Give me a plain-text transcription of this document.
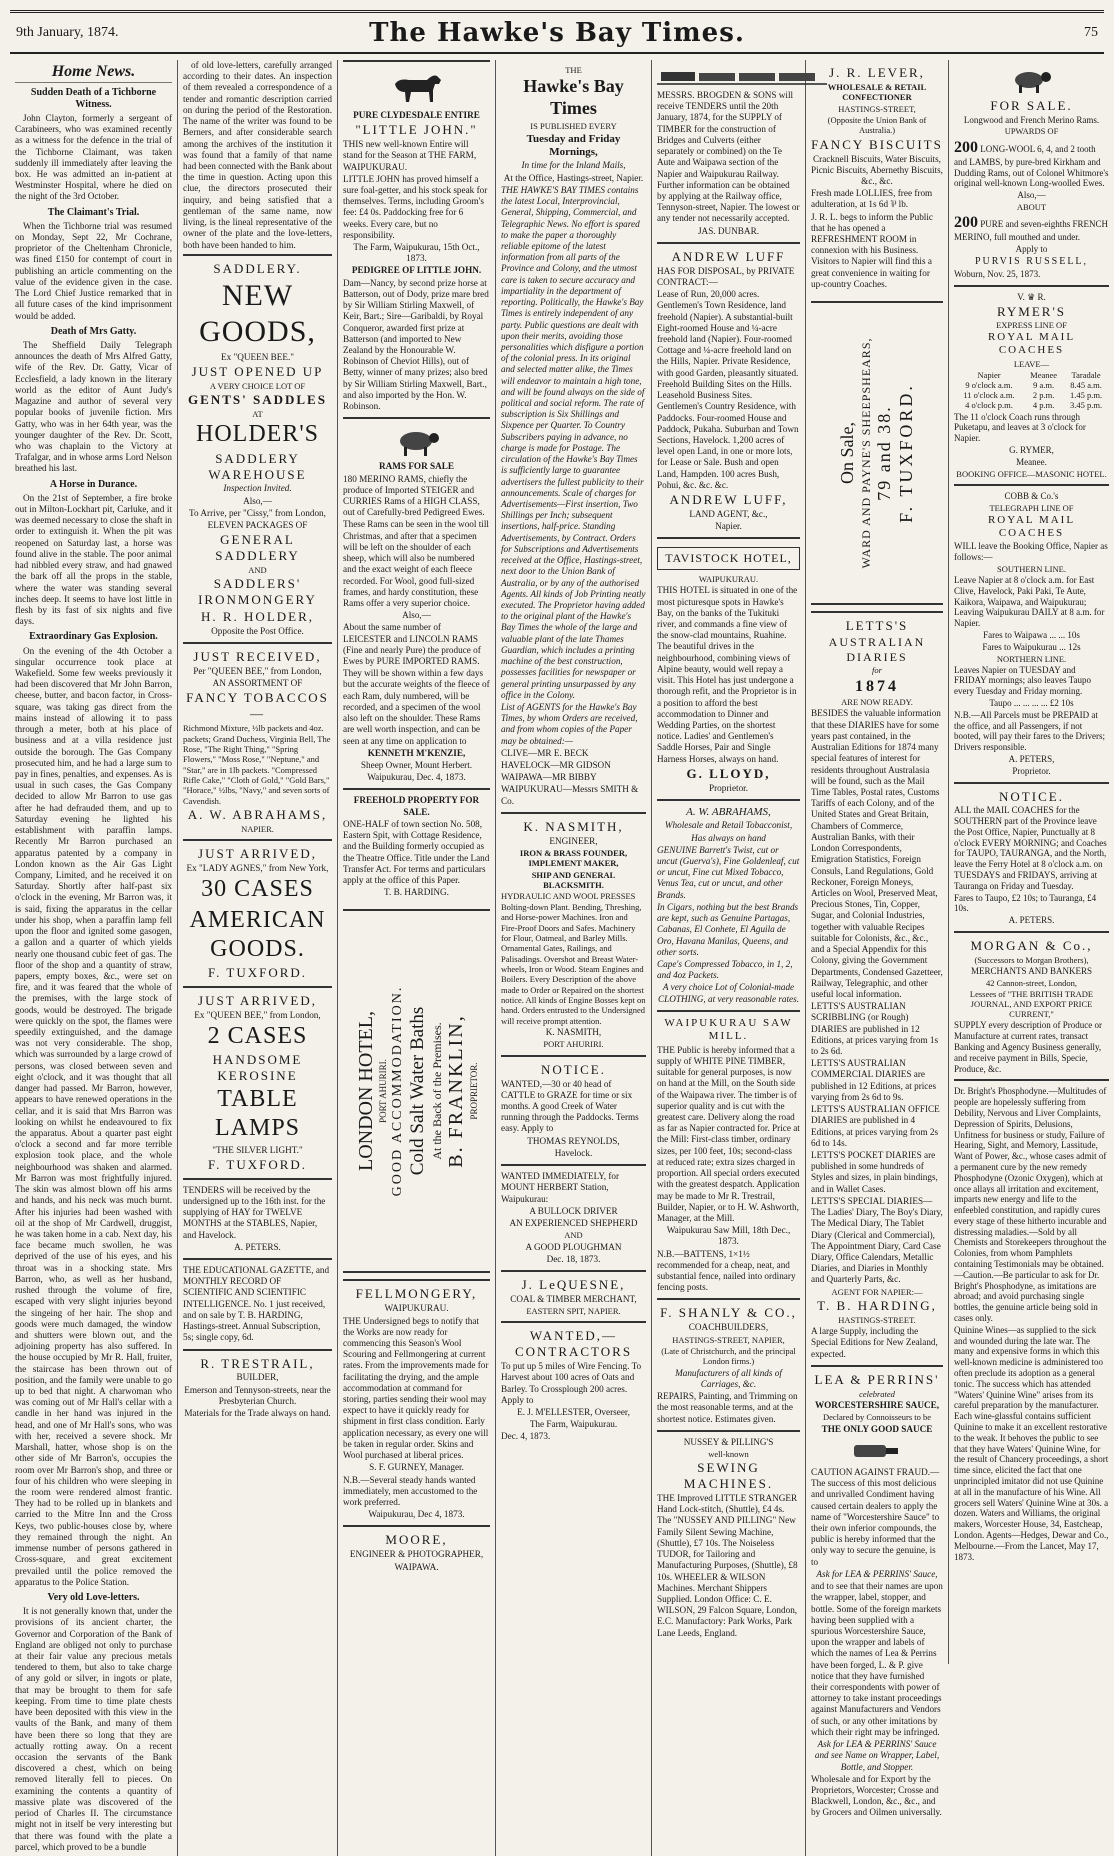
9th January, 1874.	The Hawke's Bay Times.	75
Home News.
Sudden Death of a Tichborne Witness.

John Clayton, formerly a sergeant of Carabineers, who was examined recently as a witness for the defence in the trial of the Tichborne Claimant, was taken suddenly ill immediately after leaving the box. He was admitted an in-patient at Westminster Hospital, where he died on the night of the 3rd October.

The Claimant's Trial.

When the Tichborne trial was resumed on Monday, Sept 22, Mr Cochrane, proprietor of the Cheltenham Chronicle, was fined £150 for contempt of court in publishing an article commenting on the value of the evidence given in the case. The Lord Chief Justice remarked that in all future cases of the kind imprisonment would be added.

Death of Mrs Gatty.

The Sheffield Daily Telegraph announces the death of Mrs Alfred Gatty, wife of the Rev. Dr. Gatty, Vicar of Ecclesfield, a lady known in the literary world as the editor of Aunt Judy's Magazine and author of several very popular books of juvenile fiction. Mrs Gatty, who was in her 64th year, was the younger daughter of the Rev. Dr. Scott, who was chaplain to the Victory at Trafalgar, and in whose arms Lord Nelson breathed his last.

A Horse in Durance.

On the 21st of September, a fire broke out in Milton-Lockhart pit, Carluke, and it was deemed necessary to close the shaft in order to extinguish it. When the pit was reopened on Saturday last, a horse was found alive in the stable. The poor animal had nibbled every straw, and had gnawed the bark off all the props in the stable, where the water was standing several inches deep. It seems to have lost little in flesh by its fast of six nights and five days.

Extraordinary Gas Explosion.

On the evening of the 4th October a singular occurrence took place at Wakefield. Some few weeks previously it had been discovered that Mr John Barron, cheese, butter, and bacon factor, in Cross-square, was taking gas direct from the mains instead of allowing it to pass through a meter, both at his place of business and at a villa residence just outside the borough. The Gas Company prosecuted him, and he had a large sum to pay in fines, penalties, and expenses. As is usual in such cases, the Gas Company decided to allow Mr Barron to use gas after he had defrauded them, and up to Saturday evening he lighted his establishment with paraffin lamps. Recently Mr Barron purchased an apparatus patented by a company in London known as the Air Gas Light Company, Limited, and he received it on Saturday. Shortly after half-past six o'clock in the evening, Mr Barron was, it is said, fixing the apparatus in the cellar under his shop, when a paraffin lamp fell upon the floor and ignited some gasogen, a gallon and a quarter of which yields nearly one thousand cubic feet of gas. The floor of the shop and a quantity of straw, papers, empty boxes, &c., were set on fire, and it was feared that the whole of the premises, with the large stock of goods, would be destroyed. The brigade were quickly on the spot, the flames were speedily extinguished, and the damage was not very considerable. The shop, which was surrounded by a large crowd of persons, was closed between seven and eight o'clock, and it was thought that all danger had passed. Mr Barron, however, appears to have renewed operations in the cellar, and it is said that Mrs Barron was looking on whilst he endeavoured to fix the apparatus. About a quarter past eight o'clock a second and far more terrible explosion took place, and the whole neighbourhood was shaken and alarmed. Mr Barron was most frightfully injured. The skin was almost blown off his arms and hands, and his neck was much burnt. After his injuries had been washed with oil at the shop of Mr Cardwell, druggist, he was taken home in a cab. Next day, his face became much swollen, he was deprived of the use of his eyes, and his throat was in a shocking state. Mrs Barron, who, as well as her husband, rushed through the volume of fire, escaped with very slight injuries beyond the singeing of her hair. The shop and goods were much damaged, the window and shutters were blown out, and the adjoining property has also suffered. In the house occupied by Mr R. Hall, fruiter, the staircase has been thrown out of position, and the family were unable to go up to bed that night. A charwoman who was coming out of Mr Hall's cellar with a candle in her hand was injured in the head, and one of Mr Hall's sons, who was with her, received a severe shock. Mr Marshall, hatter, whose shop is on the other side of Mr Barron's, occupies the room over Mr Barron's shop, and three or four of his children who were sleeping in the room were rendered almost frantic. They had to be rolled up in blankets and carried to the Mitre Inn and the Cross Keys, two public-houses close by, where they remained through the night. An immense number of persons gathered in Cross-square, and great excitement prevailed until the police removed the apparatus to the Police Station.

Very old Love-letters.

It is not generally known that, under the provisions of its ancient charter, the Governor and Corporation of the Bank of England are obliged not only to purchase at their fair value any precious metals tendered to them, but also to take charge of any gold or silver, in ingots or plate, that may be brought to them for safe keeping. From time to time plate chests have been deposited with this view in the vaults of the Bank, and many of them have been there so long that they are actually rotting away. On a recent occasion the servants of the Bank discovered a chest, which on being removed literally fell to pieces. On examining the contents a quantity of massive plate was discovered of the period of Charles II. The circumstance might not in itself be very interesting but that there was found with the plate a parcel, which proved to be a bundle

of old love-letters, carefully arranged according to their dates. An inspection of them revealed a correspondence of a tender and romantic description carried on during the period of the Restoration. The name of the writer was found to be Berners, and after considerable search among the archives of the institution it was found that a family of that name had been connected with the Bank about the time in question. Acting upon this clue, the directors prosecuted their inquiry, and being satisfied that a gentleman of the same name, now living, is the lineal representative of the owner of the plate and the love-letters, both have been handed to him.

SADDLERY.

NEW GOODS,

Ex "QUEEN BEE."

JUST OPENED UP

A VERY CHOICE LOT OF

GENTS' SADDLES

AT

HOLDER'S

SADDLERY WAREHOUSE

Inspection Invited.

Also,—

To Arrive, per "Cissy," from London,

ELEVEN PACKAGES OF

GENERAL SADDLERY

AND

SADDLERS' IRONMONGERY

H. R. HOLDER,

Opposite the Post Office.

JUST RECEIVED,

Per "QUEEN BEE," from London,

AN ASSORTMENT OF

FANCY TOBACCOS—

Richmond Mixture, ½lb packets and 4oz. packets; Grand Duchess, Virginia Bell, The Rose, "The Right Thing," "Spring Flowers," "Moss Rose," "Neptune," and "Star," are in 1lb packets. "Compressed Rifle Cake," "Cloth of Gold," "Gold Bars," "Horace," ½lbs, "Navy," and seven sorts of Cavendish.

A. W. ABRAHAMS,

NAPIER.

JUST ARRIVED,

Ex "LADY AGNES," from New York,

30 CASES

AMERICAN GOODS.

F. TUXFORD.

JUST ARRIVED,

Ex "QUEEN BEE," from London,

2 CASES

HANDSOME KEROSINE

TABLE LAMPS

"THE SILVER LIGHT."

F. TUXFORD.

TENDERS will be received by the undersigned up to the 16th inst. for the supplying of HAY for TWELVE MONTHS at the STABLES, Napier, and Havelock.

A. PETERS.

THE EDUCATIONAL GAZETTE, and MONTHLY RECORD OF SCIENTIFIC AND SCIENTIFIC INTELLIGENCE. No. 1 just received, and on sale by T. B. HARDING, Hastings-street. Annual Subscription, 5s; single copy, 6d.

R. TRESTRAIL,

BUILDER,

Emerson and Tennyson-streets, near the Presbyterian Church.

Materials for the Trade always on hand.

PURE CLYDESDALE ENTIRE

"LITTLE JOHN."

THIS new well-known Entire will stand for the Season at THE FARM, WAIPUKURAU.

LITTLE JOHN has proved himself a sure foal-getter, and his stock speak for themselves. Terms, including Groom's fee: £4 0s. Paddocking free for 6 weeks. Every care, but no responsibility.

The Farm, Waipukurau, 15th Oct., 1873.

PEDIGREE OF LITTLE JOHN.

Dam—Nancy, by second prize horse at Batterson, out of Dody, prize mare bred by Sir William Stirling Maxwell, of Keir, Bart.; Sire—Garibaldi, by Royal Conqueror, awarded first prize at Batterson (and imported to New Zealand by the Honourable W. Robinson of Cheviot Hills), out of Betty, winner of many prizes; also bred by Sir William Stirling Maxwell, Bart., and also imported by the Hon. W. Robinson.

RAMS FOR SALE

180 MERINO RAMS, chiefly the produce of Imported STEIGER and CURRIES Rams of a HIGH CLASS, out of Carefully-bred Pedigreed Ewes.

These Rams can be seen in the wool till Christmas, and after that a specimen will be left on the shoulder of each sheep, which will also be numbered and the exact weight of each fleece recorded. For Wool, good full-sized frames, and hardy constitution, these Rams offer a very superior choice.

Also,—

About the same number of LEICESTER and LINCOLN RAMS (Fine and nearly Pure) the produce of Ewes by PURE IMPORTED RAMS.

They will be shown within a few days but the accurate weights of the fleece of each Ram, duly numbered, will be recorded, and a specimen of the wool also left on the shoulder. These Rams are well worth inspection, and can be seen at any time on application to

KENNETH M'KENZIE,

Sheep Owner, Mount Herbert.

Waipukurau, Dec. 4, 1873.

FREEHOLD PROPERTY FOR SALE.

ONE-HALF of town section No. 508, Eastern Spit, with Cottage Residence, and the Building formerly occupied as the Theatre Office. Title under the Land Transfer Act. For terms and particulars apply at the office of this Paper.

T. B. HARDING.

LONDON HOTEL, PORT AHURIRI. GOOD ACCOMMODATION. Cold Salt Water Baths At the Back of the Premises. B. FRANKLIN, PROPRIETOR.

FELLMONGERY,

WAIPUKURAU.

THE Undersigned begs to notify that the Works are now ready for commencing this Season's Wool Scouring and Fellmongering at current rates. From the improvements made for facilitating the drying, and the ample accommodation at command for storing, parties sending their wool may expect to have it quickly ready for shipment in first class condition. Early application necessary, as every one will be taken in regular order. Skins and Wool purchased at liberal prices.

S. F. GURNEY, Manager.

N.B.—Several steady hands wanted immediately, men accustomed to the work preferred.

Waipukurau, Dec 4, 1873.

MOORE,

ENGINEER & PHOTOGRAPHER,

WAIPAWA.

THE

Hawke's Bay Times

IS PUBLISHED EVERY

Tuesday and Friday Mornings,

In time for the Inland Mails,

At the Office, Hastings-street, Napier.

THE HAWKE'S BAY TIMES contains the latest Local, Interprovincial, General, Shipping, Commercial, and Telegraphic News. No effort is spared to make the paper a thoroughly reliable epitome of the latest information from all parts of the Province and Colony, and the utmost care is taken to secure accuracy and impartiality in the department of reporting. Politically, the Hawke's Bay Times is entirely independent of any party. Public questions are dealt with upon their merits, avoiding those personalities which disfigure a portion of the colonial press. In its original and selected matter alike, the Times will endeavor to maintain a high tone, and will be found always on the side of political and social reform. The rate of subscription is Six Shillings and Sixpence per Quarter. To Country Subscribers paying in advance, no charge is made for Postage. The circulation of the Hawke's Bay Times is sufficiently large to guarantee advertisers the fullest publicity to their announcements. Scale of charges for Advertisements—First insertion, Two Shillings per Inch; subsequent insertions, half-price. Standing Advertisements, by Contract. Orders for Subscriptions and Advertisements received at the Office, Hastings-street, next door to the Union Bank of Australia, or by any of the authorised Agents. All kinds of Job Printing neatly executed. The Proprietor having added to the original plant of the Hawke's Bay Times the whole of the large and valuable plant of the late Thames Guardian, which includes a printing machine of the best construction, possesses facilities for newspaper or general printing unsurpassed by any office in the Colony.

List of AGENTS for the Hawke's Bay Times, by whom Orders are received, and from whom copies of the Paper may be obtained:—

CLIVE—MR E. BECK

HAVELOCK—MR GIDSON

WAIPAWA—MR BIBBY

WAIPUKURAU—Messrs SMITH & Co.

K. NASMITH,

ENGINEER,

IRON & BRASS FOUNDER, IMPLEMENT MAKER,

SHIP AND GENERAL BLACKSMITH.

HYDRAULIC AND WOOL PRESSES Bolting-down Plant. Bending, Threshing, and Horse-power Machines. Iron and Fire-Proof Doors and Safes. Machinery for Flour, Oatmeal, and Barley Mills. Ornamental Gates, Railings, and Palisadings. Overshot and Breast Water-wheels, Iron or Wood. Steam Engines and Boilers. Every Description of the above made to Order or Repaired on the shortest notice. All kinds of Engine Bosses kept on hand. Orders entrusted to the Undersigned will receive prompt attention.

K. NASMITH,

PORT AHURIRI.

NOTICE.

WANTED,—30 or 40 head of CATTLE to GRAZE for time or six months. A good Creek of Water running through the Paddocks. Terms easy. Apply to

THOMAS REYNOLDS,

Havelock.

WANTED IMMEDIATELY, for MOUNT HERBERT Station, Waipukurau:

A BULLOCK DRIVER

AN EXPERIENCED SHEPHERD

AND

A GOOD PLOUGHMAN

Dec. 18, 1873.

J. LeQUESNE,

COAL & TIMBER MERCHANT,

EASTERN SPIT, NAPIER.

WANTED,—CONTRACTORS

To put up 5 miles of Wire Fencing. To Harvest about 100 acres of Oats and Barley. To Crossplough 200 acres. Apply to

E. J. M'ELLESTER, Overseer,

The Farm, Waipukurau.

Dec. 4, 1873.

MESSRS. BROGDEN & SONS will receive TENDERS until the 20th January, 1874, for the SUPPLY of TIMBER for the construction of Bridges and Culverts (either separately or combined) on the Te Aute and Waipawa section of the Napier and Waipukurau Railway. Further information can be obtained by applying at the Railway office, Tennyson-street, Napier. The lowest or any tender not necessarily accepted.

JAS. DUNBAR.

ANDREW LUFF

HAS FOR DISPOSAL, by PRIVATE CONTRACT:—

Lease of Run, 20,000 acres. Gentlemen's Town Residence, land freehold (Napier). A substantial-built Eight-roomed House and ¼-acre freehold land (Napier). Four-roomed Cottage and ¼-acre freehold land on the Hills, Napier. Private Residence, with good Garden, pleasantly situated. Freehold Building Sites on the Hills. Leasehold Business Sites. Gentlemen's Country Residence, with Paddocks. Four-roomed House and Paddock, Pukaha. Suburban and Town Sections, Havelock. 1,200 acres of level open Land, in one or more lots, for Lease or Sale. Bush and open Land, Hampden. 100 acres Bush, Pohui, &c. &c. &c.

ANDREW LUFF,

LAND AGENT, &c.,

Napier.

TAVISTOCK HOTEL,

WAIPUKURAU.

THIS HOTEL is situated in one of the most picturesque spots in Hawke's Bay, on the banks of the Tukituki river, and commands a fine view of the snow-clad mountains, Ruahine. The beautiful drives in the neighbourhood, combining views of Alpine beauty, would well repay a visit. This Hotel has just undergone a thorough refit, and the Proprietor is in a position to afford the best accommodation to Dinner and Wedding Parties, on the shortest notice. Ladies' and Gentlemen's Saddle Horses, Pair and Single Harness Horses, always on hand.

G. LLOYD,

Proprietor.

A. W. ABRAHAMS,

Wholesale and Retail Tobacconist,

Has always on hand

GENUINE Barrett's Twist, cut or uncut (Guerva's), Fine Goldenleaf, cut or uncut, Fine cut Mixed Tobacco, Venus Tea, cut or uncut, and other Brands.

In Cigars, nothing but the best Brands are kept, such as Genuine Partagas, Cabanas, El Conhete, El Aguila de Oro, Havana Manilas, Queens, and other sorts.

Cape's Compressed Tobacco, in 1, 2, and 4oz Packets.

A very choice Lot of Colonial-made CLOTHING, at very reasonable rates.

WAIPUKURAU SAW MILL.

THE Public is hereby informed that a supply of WHITE PINE TIMBER, suitable for general purposes, is now on hand at the Mill, on the South side of the Waipawa river. The timber is of superior quality and is cut with the greatest care. Delivery along the road as far as Napier contracted for. Price at the Mill: First-class timber, ordinary sizes, per 100 feet, 10s; second-class at reduced rate; extra sizes charged in proportion. All special orders executed with the greatest despatch. Application may be made to Mr R. Trestrail, Builder, Napier, or to H. W. Ashworth, Manager, at the Mill.

Waipukurau Saw Mill, 18th Dec., 1873.

N.B.—BATTENS, 1×1½ recommended for a cheap, neat, and substantial fence, nailed into ordinary fencing posts.

F. SHANLY & CO.,

COACHBUILDERS,

HASTINGS-STREET, NAPIER,

(Late of Christchurch, and the principal London firms.)

Manufacturers of all kinds of Carriages, &c.

REPAIRS, Painting, and Trimming on the most reasonable terms, and at the shortest notice. Estimates given.

NUSSEY & PILLING'S

well-known

SEWING MACHINES.

THE Improved LITTLE STRANGER Hand Lock-stitch, (Shuttle), £4 4s. The "NUSSEY AND PILLING" New Family Silent Sewing Machine, (Shuttle), £7 10s. The Noiseless TUDOR, for Tailoring and Manufacturing Purposes, (Shuttle), £8 10s. WHEELER & WILSON Machines. Merchant Shippers Supplied. London Office: C. E. WILSON, 29 Falcon Square, London, E.C. Manufactory: Park Works, Park Lane Leeds, England.

J. R. LEVER,

WHOLESALE & RETAIL CONFECTIONER

HASTINGS-STREET,

(Opposite the Union Bank of Australia.)

FANCY BISCUITS

Cracknell Biscuits, Water Biscuits, Picnic Biscuits, Abernethy Biscuits, &c., &c.

Fresh made LOLLIES, free from adulteration, at 1s 6d ⅌ lb.

J. R. L. begs to inform the Public that he has opened a REFRESHMENT ROOM in connexion with his Business. Visitors to Napier will find this a great convenience in waiting for up-country Coaches.

On Sale, WARD AND PAYNE'S SHEEPSHEARS, 79 and 38. F. TUXFORD.

LETTS'S

AUSTRALIAN DIARIES

for

1874

ARE NOW READY.

BESIDES the valuable information that these DIARIES have for some years past contained, in the Australian Editions for 1874 many special features of interest for residents throughout Australasia will be found, such as the Mail Time Tables, Postal rates, Customs Tariffs of each Colony, and of the United States and Great Britain, Chambers of Commerce, Australian Banks, with their London Correspondents, Emigration Statistics, Foreign Consuls, Land Regulations, Gold Reckoner, Foreign Moneys, Articles on Wool, Preserved Meat, Precious Stones, Tin, Copper, Sugar, and Colonial Industries, together with valuable Recipes suitable for Colonists, &c., &c., and a Special Appendix for this Colony, giving the Government Departments, Condensed Gazetteer, Railway, Telegraphic, and other useful local information.

LETTS'S AUSTRALIAN SCRIBBLING (or Rough) DIARIES are published in 12 Editions, at prices varying from 1s to 2s 6d.

LETTS'S AUSTRALIAN COMMERCIAL DIARIES are published in 12 Editions, at prices varying from 2s 6d to 9s.

LETTS'S AUSTRALIAN OFFICE DIARIES are published in 4 Editions, at prices varying from 2s 6d to 14s.

LETTS'S POCKET DIARIES are published in some hundreds of Styles and sizes, in plain bindings, and in Wallet Cases.

LETTS'S SPECIAL DIARIES—The Ladies' Diary, The Boy's Diary, The Medical Diary, The Tablet Diary (Clerical and Commercial), The Appointment Diary, Card Case Diary, Office Calendars, Metallic Diaries, and Diaries in Monthly and Quarterly Parts, &c.

AGENT FOR NAPIER:—

T. B. HARDING,

HASTINGS-STREET.

A large Supply, including the Special Editions for New Zealand, expected.

LEA & PERRINS'

celebrated

WORCESTERSHIRE SAUCE,

Declared by Connoisseurs to be

THE ONLY GOOD SAUCE

CAUTION AGAINST FRAUD.—The success of this most delicious and unrivalled Condiment having caused certain dealers to apply the name of "Worcestershire Sauce" to their own inferior compounds, the public is hereby informed that the only way to secure the genuine, is to

Ask for LEA & PERRINS' Sauce,

and to see that their names are upon the wrapper, label, stopper, and bottle. Some of the foreign markets having been supplied with a spurious Worcestershire Sauce, upon the wrapper and labels of which the names of Lea & Perrins have been forged, L. & P. give notice that they have furnished their correspondents with power of attorney to take instant proceedings against Manufacturers and Vendors of such, or any other imitations by which their right may be infringed.

Ask for LEA & PERRINS' Sauce and see Name on Wrapper, Label, Bottle, and Stopper.

Wholesale and for Export by the Proprietors, Worcester; Crosse and Blackwell, London, &c., &c., and by Grocers and Oilmen universally.

FOR SALE.

Longwood and French Merino Rams.

UPWARDS OF

200 LONG-WOOL 6, 4, and 2 tooth and LAMBS, by pure-bred Kirkham and Dudding Rams, out of Colonel Whitmore's original well-known Long-woolled Ewes.

Also,—

ABOUT

200 PURE and seven-eighths FRENCH MERINO, full mouthed and under.

Apply to

PURVIS RUSSELL,

Woburn, Nov. 25, 1873.

V. ♛ R.

RYMER'S

EXPRESS LINE OF

ROYAL MAIL COACHES

LEAVE—

Napier	Meanee	Taradale
9 o'clock a.m.	9 a.m.	8.45 a.m.
11 o'clock a.m.	2 p.m.	1.45 p.m.
4 o'clock p.m.	4 p.m.	3.45 p.m.

The 11 o'clock Coach runs through Puketapu, and leaves at 3 o'clock for Napier.

G. RYMER,

Meanee.

BOOKING OFFICE—MASONIC HOTEL.

COBB & Co.'s

TELEGRAPH LINE OF

ROYAL MAIL COACHES

WILL leave the Booking Office, Napier as follows:—

SOUTHERN LINE.

Leave Napier at 8 o'clock a.m. for East Clive, Havelock, Paki Paki, Te Aute, Kaikora, Waipawa, and Waipukurau; Leaving Waipukurau DAILY at 8 a.m. for Napier.

Fares to Waipawa ... ... 10s

Fares to Waipukurau ... 12s

NORTHERN LINE.

Leaves Napier on TUESDAY and FRIDAY mornings; also leaves Taupo every Tuesday and Friday morning.

Taupo ... ... ... ... £2 10s

N.B.—All Parcels must be PREPAID at the office, and all Passengers, if not booted, will pay their fares to the Drivers; Drivers responsible.

A. PETERS,

Proprietor.

NOTICE.

ALL the MAIL COACHES for the SOUTHERN part of the Province leave the Post Office, Napier, Punctually at 8 o'clock EVERY MORNING; and Coaches for TAUPO, TAURANGA, and the North, leave the Ferry Hotel at 8 o'clock a.m. on TUESDAYS and FRIDAYS, arriving at Tauranga on Friday and Tuesday.

Fares to Taupo, £2 10s; to Tauranga, £4 10s.

A. PETERS.

MORGAN & Co.,

(Successors to Morgan Brothers),

MERCHANTS AND BANKERS

42 Cannon-street, London,

Lessees of "THE BRITISH TRADE JOURNAL, AND EXPORT PRICE CURRENT,"

SUPPLY every description of Produce or Manufacture at current rates, transact Banking and Agency Business generally, and receive payment in Bills, Specie, Produce, &c.

Dr. Bright's Phosphodyne.—Multitudes of people are hopelessly suffering from Debility, Nervous and Liver Complaints, Depression of Spirits, Delusions, Unfitness for business or study, Failure of Hearing, Sight, and Memory, Lassitude, Want of Power, &c., whose cases admit of a permanent cure by the new remedy Phosphodyne (Ozonic Oxygen), which at once allays all irritation and excitement, imparts new energy and life to the enfeebled constitution, and rapidly cures every stage of these hitherto incurable and distressing maladies.—Sold by all Chemists and Storekeepers throughout the Colonies, from whom Pamphlets containing Testimonials may be obtained.—Caution.—Be particular to ask for Dr. Bright's Phosphodyne, as imitations are abroad; and avoid purchasing single bottles, the genuine article being sold in cases only.

Quinine Wines—as supplied to the sick and wounded during the late war. The many and expensive forms in which this well-known medicine is administered too often preclude its adoption as a general tonic. The success which has attended "Waters' Quinine Wine" arises from its careful preparation by the manufacturer. Each wine-glassful contains sufficient Quinine to make it an excellent restorative to the weak. It behoves the public to see that they have Waters' Quinine Wine, for the result of Chancery proceedings, a short time since, elicited the fact that one unprincipled imitator did not use Quinine at all in the manufacture of his Wine. All grocers sell Waters' Quinine Wine at 30s. a dozen. Waters and Williams, the original makers, Worcester House, 34, Eastcheap, London. Agents—Hedges, Dewar and Co., Melbourne.—From the Lancet, May 17, 1873.
